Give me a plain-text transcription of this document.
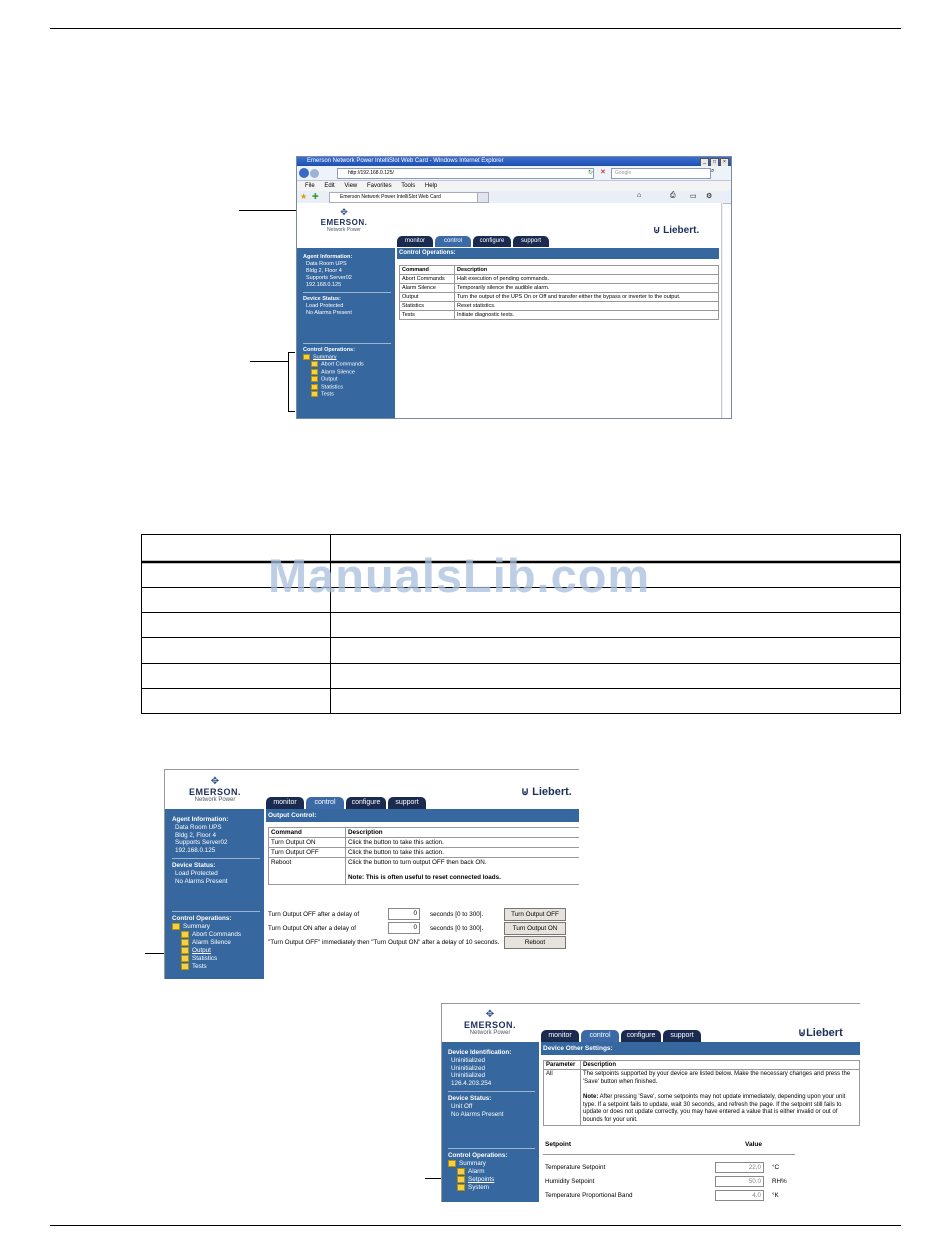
Emerson Network Power IntelliSlot Web Card - Windows Internet Explorer	_	□	×
http://192.168.0.125/	↻ ✕	Google	⌕
File Edit View Favorites Tools Help
★ ✚	Emerson Network Power IntelliSlot Web Card	⌂	⎙ ▭ ⚙
✥
EMERSON.
Network Power
monitor	control	configure	support
⊍ Liebert.
Agent Information:
Data Room UPS
Bldg 2, Floor 4
Supports Server02
192.168.0.125
Device Status:
Load Protected
No Alarms Present
Control Operations:
Summary
Abort Commands
Alarm Silence
Output
Statistics
Tests
Control Operations:
Command	Description
Abort Commands	Halt execution of pending commands.
Alarm Silence	Temporarily silence the audible alarm.
Output	Turn the output of the UPS On or Off and transfer either the bypass or inverter to the output.
Statistics	Reset statistics.
Tests	Initiate diagnostic tests.
ManualsLib.com
✥
EMERSON.
Network Power	monitor	control	configure	support
⊍ Liebert.
Agent Information:
Data Room UPS
Bldg 2, Floor 4
Supports Server02
192.168.0.125
Device Status:
Load Protected
No Alarms Present
Control Operations:
Summary
Abort Commands
Alarm Silence
Output
Statistics
Tests
Output Control:
Command	Description
Turn Output ON	Click the button to take this action.
Turn Output OFF	Click the button to take this action.
Reboot	Click the button to turn output OFF then back ON.
Note: This is often useful to reset connected loads.
Turn Output OFF after a delay of	0	seconds [0 to 300].	Turn Output OFF
Turn Output ON after a delay of	0	seconds [0 to 300].	Turn Output ON
"Turn Output OFF" immediately then "Turn Output ON" after a delay of 10 seconds.	Reboot
✥
EMERSON.
Network Power	monitor	control	configure	support	⊍Liebert
Device Identification:
Uninitialized
Uninitialized
Uninitialized
126.4.203.254
Device Status:
Unit Off
No Alarms Present
Control Operations:
Summary
Alarm
Setpoints
System
Device Other Settings:
Parameter	Description
All	The setpoints supported by your device are listed below. Make the necessary changes and press the 'Save' button when finished.
Note: After pressing 'Save', some setpoints may not update immediately, depending upon your unit type. If a setpoint fails to update, wait 30 seconds, and refresh the page. If the setpoint still fails to update or does not update correctly, you may have entered a value that is either invalid or out of bounds for your unit.
Setpoint	Value
Temperature Setpoint	22.0	°C
Humidity Setpoint	50.0	RH%
Temperature Proportional Band	4.0	°K
